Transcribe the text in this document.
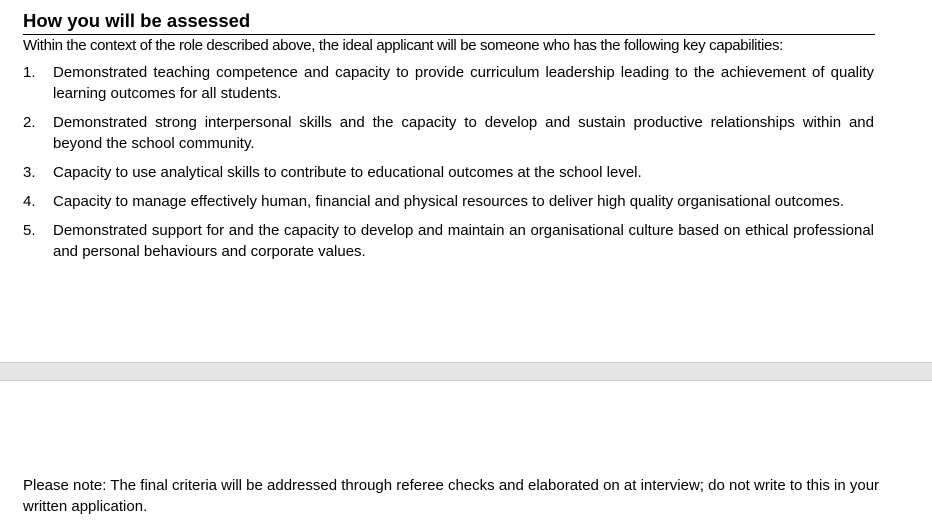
How you will be assessed
Within the context of the role described above, the ideal applicant will be someone who has the following key capabilities:
1. Demonstrated teaching competence and capacity to provide curriculum leadership leading to the achievement of quality learning outcomes for all students.
2. Demonstrated strong interpersonal skills and the capacity to develop and sustain productive relationships within and beyond the school community.
3. Capacity to use analytical skills to contribute to educational outcomes at the school level.
4. Capacity to manage effectively human, financial and physical resources to deliver high quality organisational outcomes.
5. Demonstrated support for and the capacity to develop and maintain an organisational culture based on ethical professional and personal behaviours and corporate values.
Please note: The final criteria will be addressed through referee checks and elaborated on at interview; do not write to this in your written application.
